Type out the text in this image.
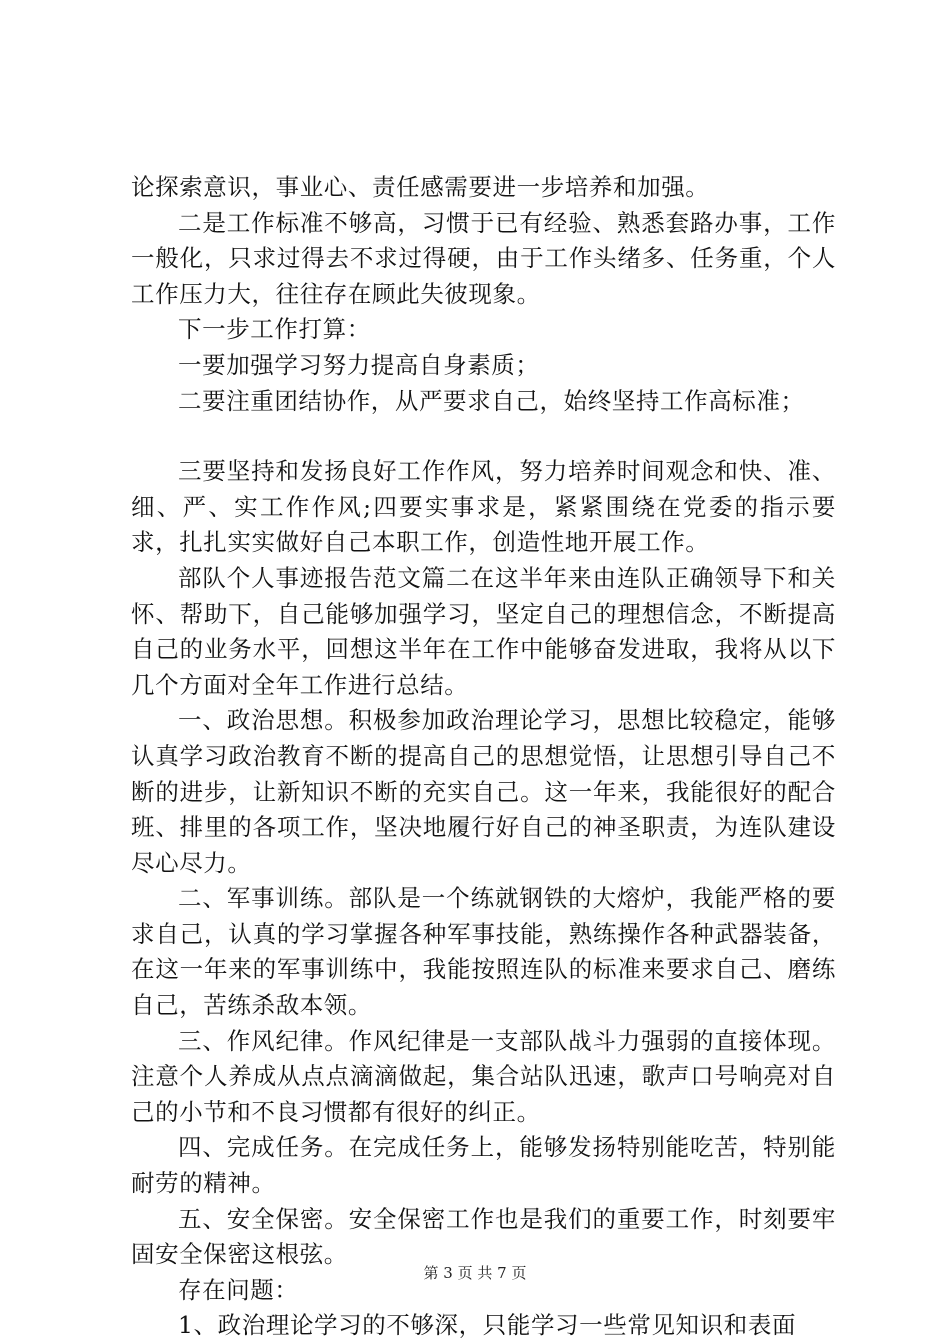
论探索意识，事业心、责任感需要进一步培养和加强。

二是工作标准不够高，习惯于已有经验、熟悉套路办事，工作一般化，只求过得去不求过得硬，由于工作头绪多、任务重，个人工作压力大，往往存在顾此失彼现象。

下一步工作打算：

一要加强学习努力提高自身素质；

二要注重团结协作，从严要求自己，始终坚持工作高标准；

三要坚持和发扬良好工作作风，努力培养时间观念和快、准、细、严、实工作作风;四要实事求是，紧紧围绕在党委的指示要求，扎扎实实做好自己本职工作，创造性地开展工作。

部队个人事迹报告范文篇二在这半年来由连队正确领导下和关怀、帮助下，自己能够加强学习，坚定自己的理想信念，不断提高自己的业务水平，回想这半年在工作中能够奋发进取，我将从以下几个方面对全年工作进行总结。

一、政治思想。积极参加政治理论学习，思想比较稳定，能够认真学习政治教育不断的提高自己的思想觉悟，让思想引导自己不断的进步，让新知识不断的充实自己。这一年来，我能很好的配合班、排里的各项工作，坚决地履行好自己的神圣职责，为连队建设尽心尽力。

二、军事训练。部队是一个练就钢铁的大熔炉，我能严格的要求自己，认真的学习掌握各种军事技能，熟练操作各种武器装备，在这一年来的军事训练中，我能按照连队的标准来要求自己、磨练自己，苦练杀敌本领。

三、作风纪律。作风纪律是一支部队战斗力强弱的直接体现。注意个人养成从点点滴滴做起，集合站队迅速，歌声口号响亮对自己的小节和不良习惯都有很好的纠正。

四、完成任务。在完成任务上，能够发扬特别能吃苦，特别能耐劳的精神。

五、安全保密。安全保密工作也是我们的重要工作，时刻要牢固安全保密这根弦。

存在问题：

1、政治理论学习的不够深，只能学习一些常见知识和表面

第 3 页 共 7 页
